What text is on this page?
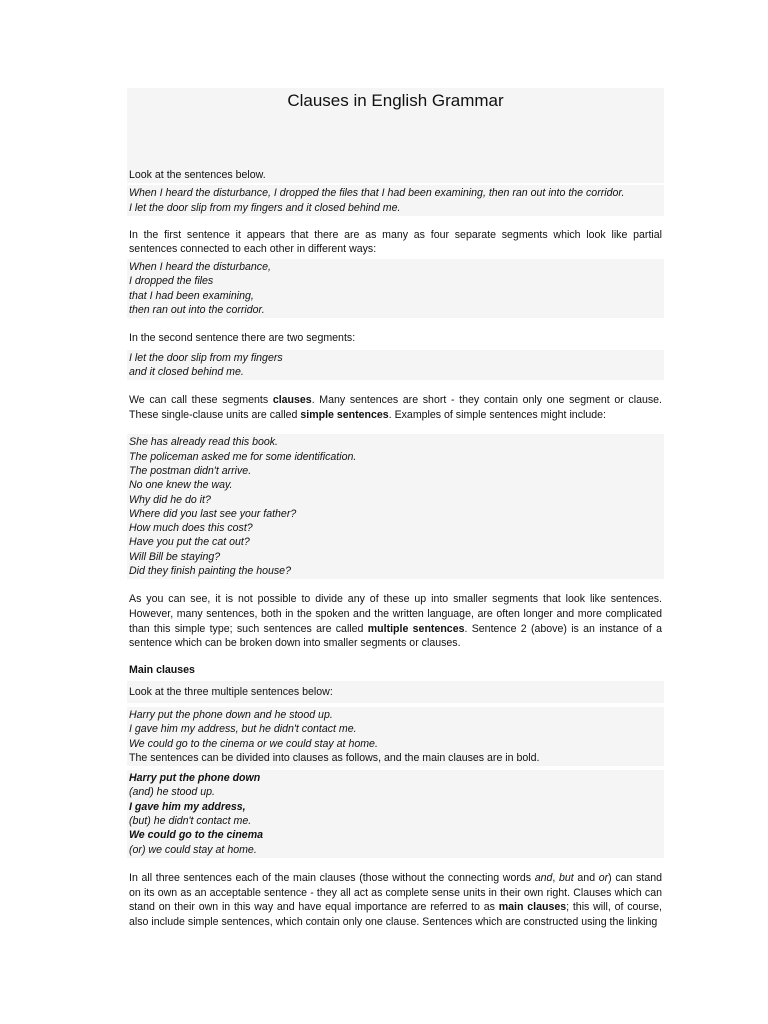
Clauses in English Grammar
Look at the sentences below.
When I heard the disturbance, I dropped the files that I had been examining, then ran out into the corridor.
I let the door slip from my fingers and it closed behind me.
In the first sentence it appears that there are as many as four separate segments which look like partial sentences connected to each other in different ways:
When I heard the disturbance,
I dropped the files
that I had been examining,
then ran out into the corridor.
In the second sentence there are two segments:
I let the door slip from my fingers
and it closed behind me.
We can call these segments clauses. Many sentences are short - they contain only one segment or clause. These single-clause units are called simple sentences. Examples of simple sentences might include:
She has already read this book.
The policeman asked me for some identification.
The postman didn't arrive.
No one knew the way.
Why did he do it?
Where did you last see your father?
How much does this cost?
Have you put the cat out?
Will Bill be staying?
Did they finish painting the house?
As you can see, it is not possible to divide any of these up into smaller segments that look like sentences. However, many sentences, both in the spoken and the written language, are often longer and more complicated than this simple type; such sentences are called multiple sentences. Sentence 2 (above) is an instance of a sentence which can be broken down into smaller segments or clauses.
Main clauses
Look at the three multiple sentences below:
Harry put the phone down and he stood up.
I gave him my address, but he didn't contact me.
We could go to the cinema or we could stay at home.
The sentences can be divided into clauses as follows, and the main clauses are in bold.
Harry put the phone down
(and) he stood up.
I gave him my address,
(but) he didn't contact me.
We could go to the cinema
(or) we could stay at home.
In all three sentences each of the main clauses (those without the connecting words and, but and or) can stand on its own as an acceptable sentence - they all act as complete sense units in their own right. Clauses which can stand on their own in this way and have equal importance are referred to as main clauses; this will, of course, also include simple sentences, which contain only one clause. Sentences which are constructed using the linking
